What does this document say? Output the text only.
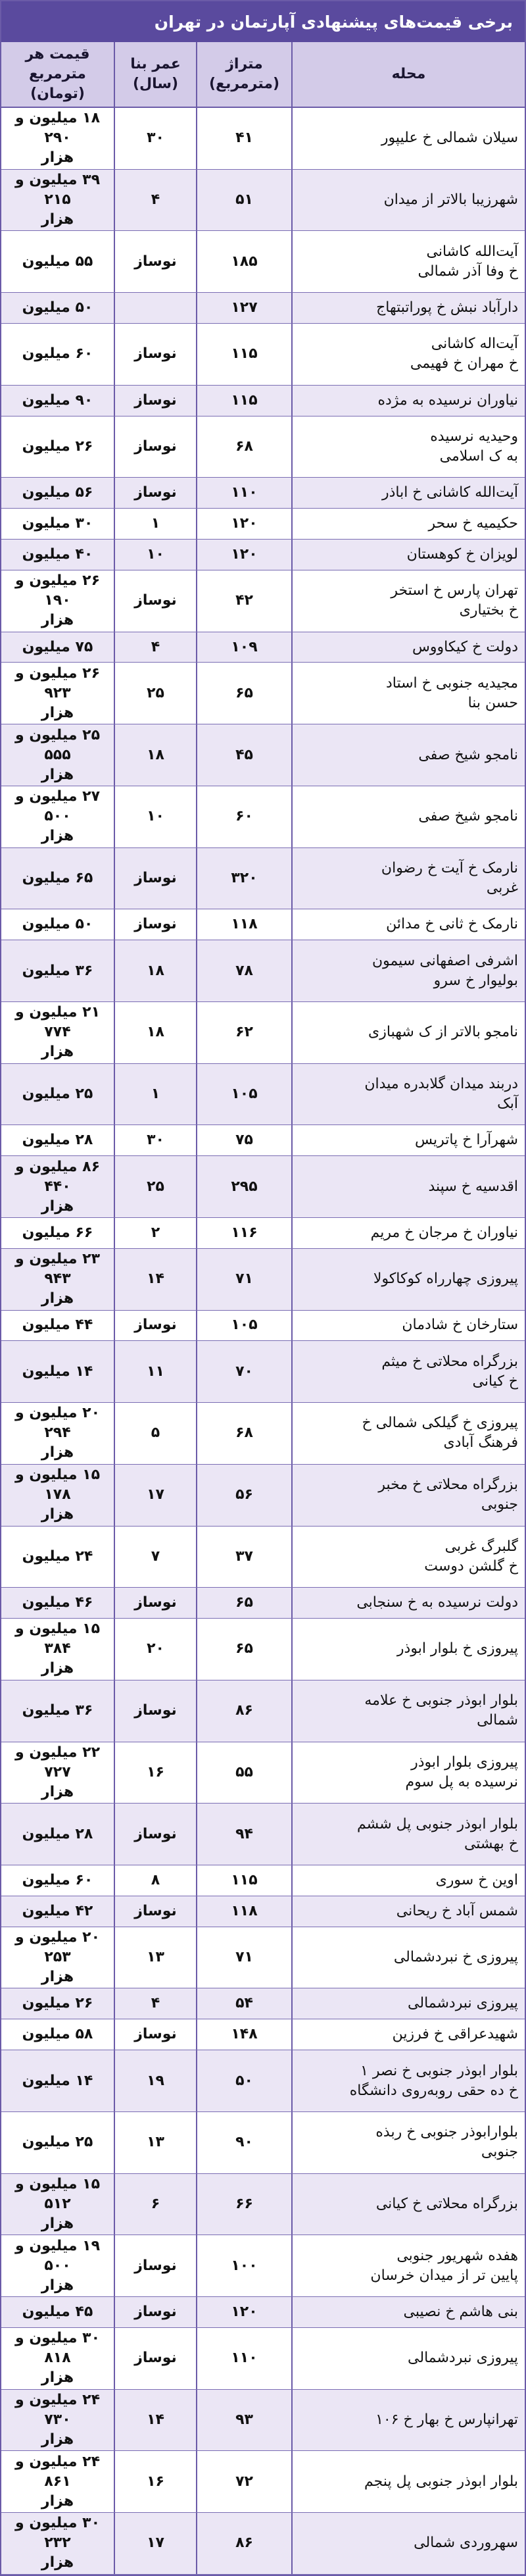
برخی قیمت‌های پیشنهادی آپارتمان در تهران
محله
متراژ
(مترمربع)
عمر بنا
(سال)
قیمت هر مترمربع
(تومان)
سیلان شمالی خ علیپور
۴۱
۳۰
۱۸ میلیون و ۲۹۰
هزار
شهرزیبا بالاتر از میدان
۵۱
۴
۳۹ میلیون و ۲۱۵
هزار
آیت‌الله کاشانی
خ وفا آذر شمالی
۱۸۵
نوساز
۵۵ میلیون
دارآباد نبش خ پوراتبتهاج
۱۲۷
۵۰ میلیون
آیت‌اله کاشانی
خ مهران خ فهیمی
۱۱۵
نوساز
۶۰ میلیون
نیاوران نرسیده به مژده
۱۱۵
نوساز
۹۰ میلیون
وحیدیه نرسیده
به ک اسلامی
۶۸
نوساز
۲۶ میلیون
آیت‌الله کاشانی خ اباذر
۱۱۰
نوساز
۵۶ میلیون
حکیمیه خ سحر
۱۲۰
۱
۳۰ میلیون
لویزان خ کوهستان
۱۲۰
۱۰
۴۰ میلیون
تهران پارس خ استخر
خ بختیاری
۴۲
نوساز
۲۶ میلیون و ۱۹۰
هزار
دولت خ کیکاووس
۱۰۹
۴
۷۵ میلیون
مجیدیه جنوبی خ استاد
حسن بنا
۶۵
۲۵
۲۶ میلیون و ۹۲۳
هزار
نامجو شیخ صفی
۴۵
۱۸
۲۵ میلیون و ۵۵۵
هزار
نامجو شیخ صفی
۶۰
۱۰
۲۷ میلیون و ۵۰۰
هزار
نارمک خ آیت خ رضوان
غربی
۳۲۰
نوساز
۶۵ میلیون
نارمک خ ثانی خ مدائن
۱۱۸
نوساز
۵۰ میلیون
اشرفی اصفهانی سیمون
بولیوار خ سرو
۷۸
۱۸
۳۶ میلیون
نامجو بالاتر از ک شهبازی
۶۲
۱۸
۲۱ میلیون و ۷۷۴
هزار
دربند میدان گلابدره میدان
آبک
۱۰۵
۱
۲۵ میلیون
شهرآرا خ پاتریس
۷۵
۳۰
۲۸ میلیون
اقدسیه خ سپند
۲۹۵
۲۵
۸۶ میلیون و ۴۴۰
هزار
نیاوران خ مرجان خ مریم
۱۱۶
۲
۶۶ میلیون
پیروزی چهارراه کوکاکولا
۷۱
۱۴
۲۳ میلیون و ۹۴۳
هزار
ستارخان خ شادمان
۱۰۵
نوساز
۴۴ میلیون
بزرگراه محلاتی خ میثم
خ کیانی
۷۰
۱۱
۱۴ میلیون
پیروزی خ گیلکی شمالی خ
فرهنگ آبادی
۶۸
۵
۲۰ میلیون و ۲۹۴
هزار
بزرگراه محلاتی خ مخبر
جنوبی
۵۶
۱۷
۱۵ میلیون و ۱۷۸
هزار
گلبرگ غربی
خ گلشن دوست
۳۷
۷
۲۴ میلیون
دولت نرسیده به خ سنجابی
۶۵
نوساز
۴۶ میلیون
پیروزی خ بلوار ابوذر
۶۵
۲۰
۱۵ میلیون و ۳۸۴
هزار
بلوار ابوذر جنوبی خ علامه
شمالی
۸۶
نوساز
۳۶ میلیون
پیروزی بلوار ابوذر
نرسیده به پل سوم
۵۵
۱۶
۲۲ میلیون و ۷۲۷
هزار
بلوار ابوذر جنوبی پل ششم
خ بهشتی
۹۴
نوساز
۲۸ میلیون
اوین خ سوری
۱۱۵
۸
۶۰ میلیون
شمس آباد خ ریحانی
۱۱۸
نوساز
۴۲ میلیون
پیروزی خ نبردشمالی
۷۱
۱۳
۲۰ میلیون و ۲۵۳
هزار
پیروزی نبردشمالی
۵۴
۴
۲۶ میلیون
شهیدعراقی خ فرزین
۱۴۸
نوساز
۵۸ میلیون
بلوار ابوذر جنوبی خ نصر ۱
خ ده حقی روبه‌روی دانشگاه
۵۰
۱۹
۱۴ میلیون
بلوارابوذر جنوبی خ ربذه
جنوبی
۹۰
۱۳
۲۵ میلیون
بزرگراه محلاتی خ کیانی
۶۶
۶
۱۵ میلیون و ۵۱۲
هزار
هفده شهریور جنوبی
پایین تر از میدان خرسان
۱۰۰
نوساز
۱۹ میلیون و ۵۰۰
هزار
بنی هاشم خ نصیبی
۱۲۰
نوساز
۴۵ میلیون
پیروزی نبردشمالی
۱۱۰
نوساز
۳۰ میلیون و ۸۱۸
هزار
تهرانپارس خ بهار خ ۱۰۶
۹۳
۱۴
۲۴ میلیون و ۷۳۰
هزار
بلوار ابوذر جنوبی پل پنجم
۷۲
۱۶
۲۴ میلیون و ۸۶۱
هزار
سهروردی شمالی
۸۶
۱۷
۳۰ میلیون و ۲۳۲
هزار
